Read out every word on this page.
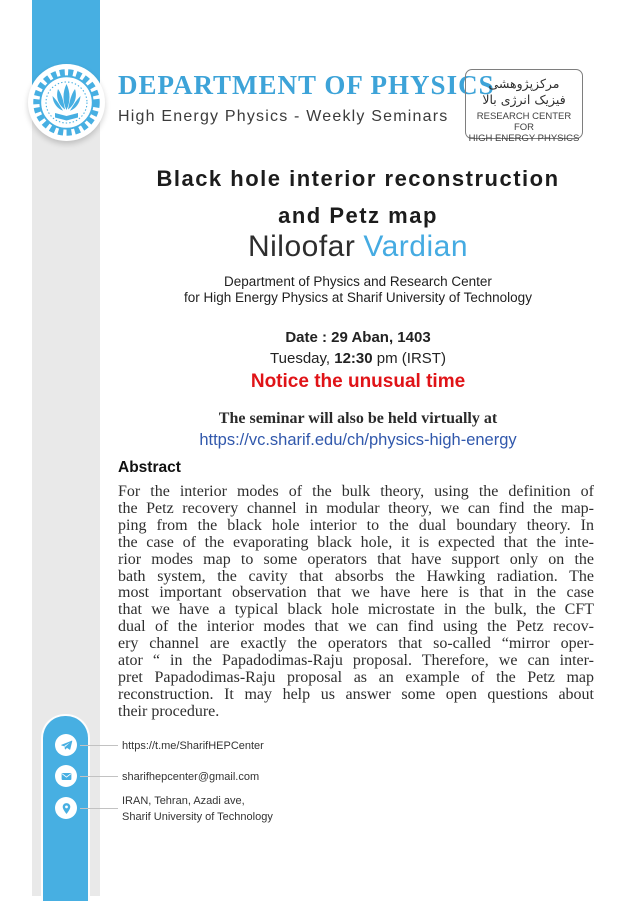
DEPARTMENT OF PHYSICS
High Energy Physics - Weekly Seminars
مرکزپژوهشی
فیزیک انرژی بالا
RESEARCH CENTER FOR
HIGH ENERGY PHYSICS
Black hole interior reconstruction
and Petz map
Niloofar Vardian
Department of Physics and Research Center
for High Energy Physics at Sharif University of Technology
Date : 29 Aban, 1403
Tuesday, 12:30 pm (IRST)
Notice the unusual time
The seminar will also be held virtually at
https://vc.sharif.edu/ch/physics-high-energy
Abstract
For the interior modes of the bulk theory, using the definition of
the Petz recovery channel in modular theory, we can find the map-
ping from the black hole interior to the dual boundary theory. In
the case of the evaporating black hole, it is expected that the inte-
rior modes map to some operators that have support only on the
bath system, the cavity that absorbs the Hawking radiation. The
most important observation that we have here is that in the case
that we have a typical black hole microstate in the bulk, the CFT
dual of the interior modes that we can find using the Petz recov-
ery channel are exactly the operators that so-called “mirror oper-
ator “ in the Papadodimas-Raju proposal. Therefore, we can inter-
pret Papadodimas-Raju proposal as an example of the Petz map
reconstruction. It may help us answer some open questions about
their procedure.
https://t.me/SharifHEPCenter
sharifhepcenter@gmail.com
IRAN, Tehran, Azadi ave,
Sharif University of Technology
